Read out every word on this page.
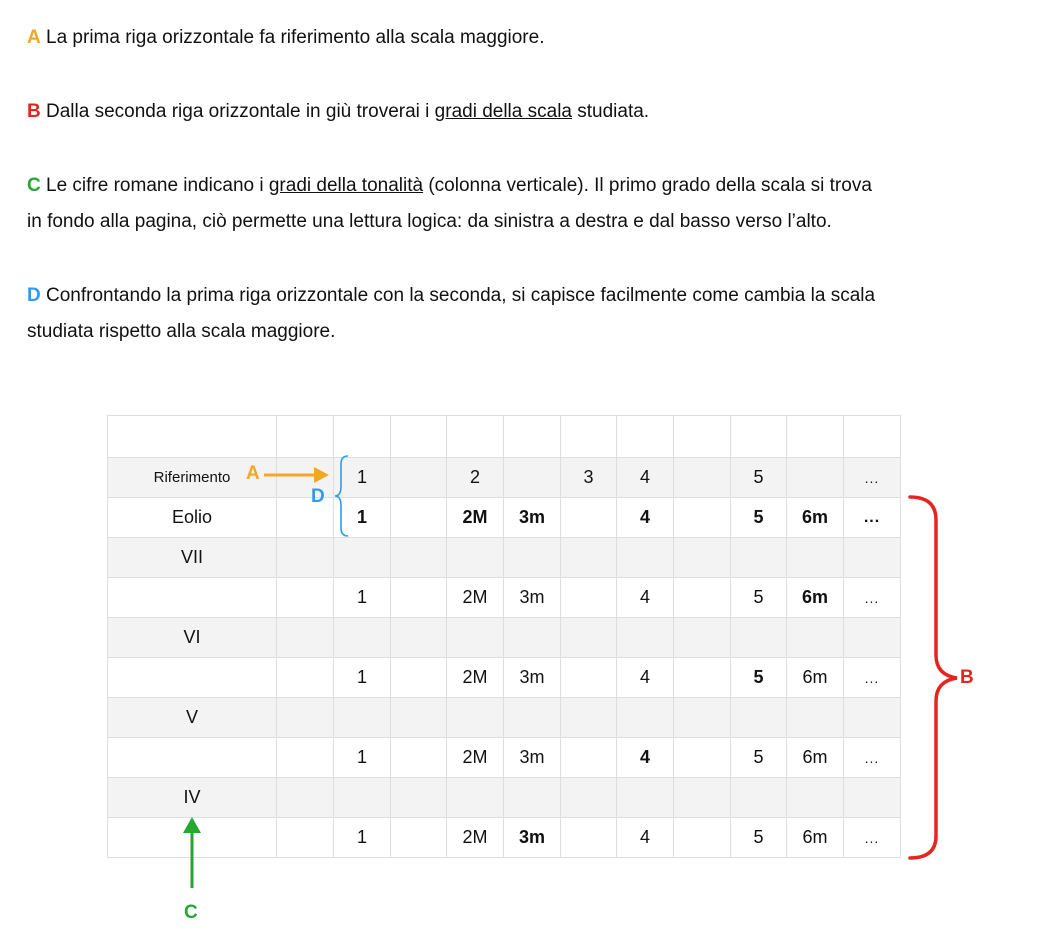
A La prima riga orizzontale fa riferimento alla scala maggiore.

B Dalla seconda riga orizzontale in giù troverai i gradi della scala studiata.

C Le cifre romane indicano i gradi della tonalità (colonna verticale). Il primo grado della scala si trova
in fondo alla pagina, ciò permette una lettura logica: da sinistra a destra e dal basso verso l’alto.

D Confrontando la prima riga orizzontale con la seconda, si capisce facilmente come cambia la scala
studiata rispetto alla scala maggiore.

Riferimento		1		2		3	4		5		...
Eolio		1		2M	3m		4		5	6m	...
VII											
		1		2M	3m		4		5	6m	...
VI											
		1		2M	3m		4		5	6m	...
V											
		1		2M	3m		4		5	6m	...
IV											
		1		2M	3m		4		5	6m	...
A
D
B
C
